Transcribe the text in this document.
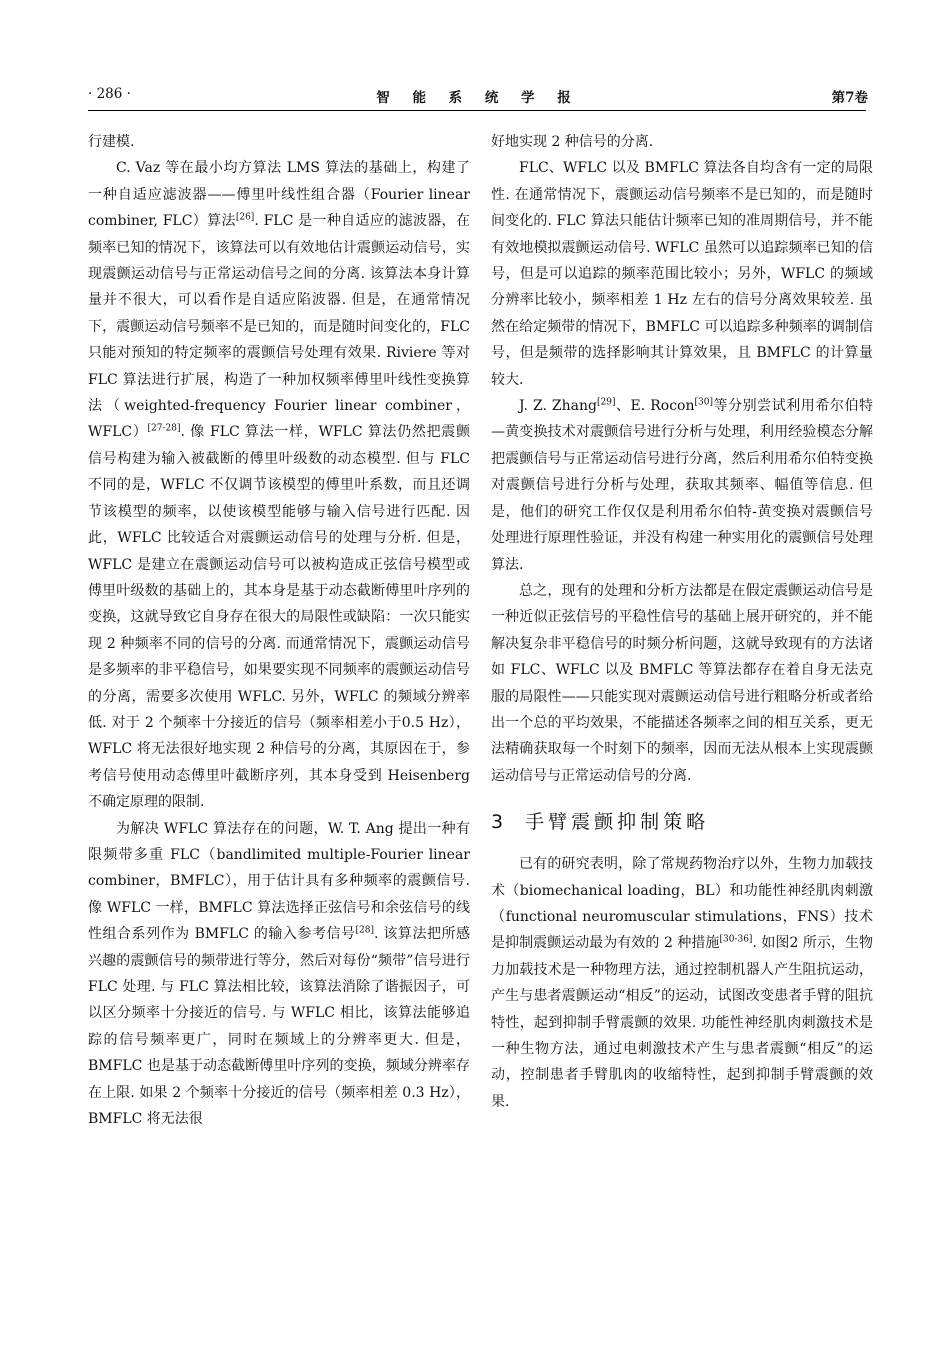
· 286 ·	智 能 系 统 学 报	第7卷

行建模.

C. Vaz 等在最小均方算法 LMS 算法的基础上，构建了一种自适应滤波器——傅里叶线性组合器（Fourier linear combiner, FLC）算法[26]. FLC 是一种自适应的滤波器，在频率已知的情况下，该算法可以有效地估计震颤运动信号，实现震颤运动信号与正常运动信号之间的分离. 该算法本身计算量并不很大，可以看作是自适应陷波器. 但是，在通常情况下，震颤运动信号频率不是已知的，而是随时间变化的，FLC 只能对预知的特定频率的震颤信号处理有效果. Riviere 等对 FLC 算法进行扩展，构造了一种加权频率傅里叶线性变换算法（weighted-frequency Fourier linear combiner，WFLC）[27-28]. 像 FLC 算法一样，WFLC 算法仍然把震颤信号构建为输入被截断的傅里叶级数的动态模型. 但与 FLC 不同的是，WFLC 不仅调节该模型的傅里叶系数，而且还调节该模型的频率，以使该模型能够与输入信号进行匹配. 因此，WFLC 比较适合对震颤运动信号的处理与分析. 但是，WFLC 是建立在震颤运动信号可以被构造成正弦信号模型或傅里叶级数的基础上的，其本身是基于动态截断傅里叶序列的变换，这就导致它自身存在很大的局限性或缺陷：一次只能实现 2 种频率不同的信号的分离. 而通常情况下，震颤运动信号是多频率的非平稳信号，如果要实现不同频率的震颤运动信号的分离，需要多次使用 WFLC. 另外，WFLC 的频域分辨率低. 对于 2 个频率十分接近的信号（频率相差小于0.5 Hz），WFLC 将无法很好地实现 2 种信号的分离，其原因在于，参考信号使用动态傅里叶截断序列，其本身受到 Heisenberg 不确定原理的限制.

为解决 WFLC 算法存在的问题，W. T. Ang 提出一种有限频带多重 FLC（bandlimited multiple-Fourier linear combiner，BMFLC），用于估计具有多种频率的震颤信号. 像 WFLC 一样，BMFLC 算法选择正弦信号和余弦信号的线性组合系列作为 BMFLC 的输入参考信号[28]. 该算法把所感兴趣的震颤信号的频带进行等分，然后对每份“频带”信号进行 FLC 处理. 与 FLC 算法相比较，该算法消除了谐振因子，可以区分频率十分接近的信号. 与 WFLC 相比，该算法能够追踪的信号频率更广，同时在频域上的分辨率更大. 但是，BMFLC 也是基于动态截断傅里叶序列的变换，频域分辨率存在上限. 如果 2 个频率十分接近的信号（频率相差 0.3 Hz），BMFLC 将无法很

好地实现 2 种信号的分离.

FLC、WFLC 以及 BMFLC 算法各自均含有一定的局限性. 在通常情况下，震颤运动信号频率不是已知的，而是随时间变化的. FLC 算法只能估计频率已知的准周期信号，并不能有效地模拟震颤运动信号. WFLC 虽然可以追踪频率已知的信号，但是可以追踪的频率范围比较小；另外，WFLC 的频域分辨率比较小，频率相差 1 Hz 左右的信号分离效果较差. 虽然在给定频带的情况下，BMFLC 可以追踪多种频率的调制信号，但是频带的选择影响其计算效果，且 BMFLC 的计算量较大.

J. Z. Zhang[29]、E. Rocon[30]等分别尝试利用希尔伯特—黄变换技术对震颤信号进行分析与处理，利用经验模态分解把震颤信号与正常运动信号进行分离，然后利用希尔伯特变换对震颤信号进行分析与处理，获取其频率、幅值等信息. 但是，他们的研究工作仅仅是利用希尔伯特-黄变换对震颤信号处理进行原理性验证，并没有构建一种实用化的震颤信号处理算法.

总之，现有的处理和分析方法都是在假定震颤运动信号是一种近似正弦信号的平稳性信号的基础上展开研究的，并不能解决复杂非平稳信号的时频分析问题，这就导致现有的方法诸如 FLC、WFLC 以及 BMFLC 等算法都存在着自身无法克服的局限性——只能实现对震颤运动信号进行粗略分析或者给出一个总的平均效果，不能描述各频率之间的相互关系，更无法精确获取每一个时刻下的频率，因而无法从根本上实现震颤运动信号与正常运动信号的分离.

3 手臂震颤抑制策略

已有的研究表明，除了常规药物治疗以外，生物力加载技术（biomechanical loading，BL）和功能性神经肌肉刺激（functional neuromuscular stimulations，FNS）技术是抑制震颤运动最为有效的 2 种措施[30-36]. 如图2 所示，生物力加载技术是一种物理方法，通过控制机器人产生阻抗运动，产生与患者震颤运动“相反”的运动，试图改变患者手臂的阻抗特性，起到抑制手臂震颤的效果. 功能性神经肌肉刺激技术是一种生物方法，通过电刺激技术产生与患者震颤“相反”的运动，控制患者手臂肌肉的收缩特性，起到抑制手臂震颤的效果.
